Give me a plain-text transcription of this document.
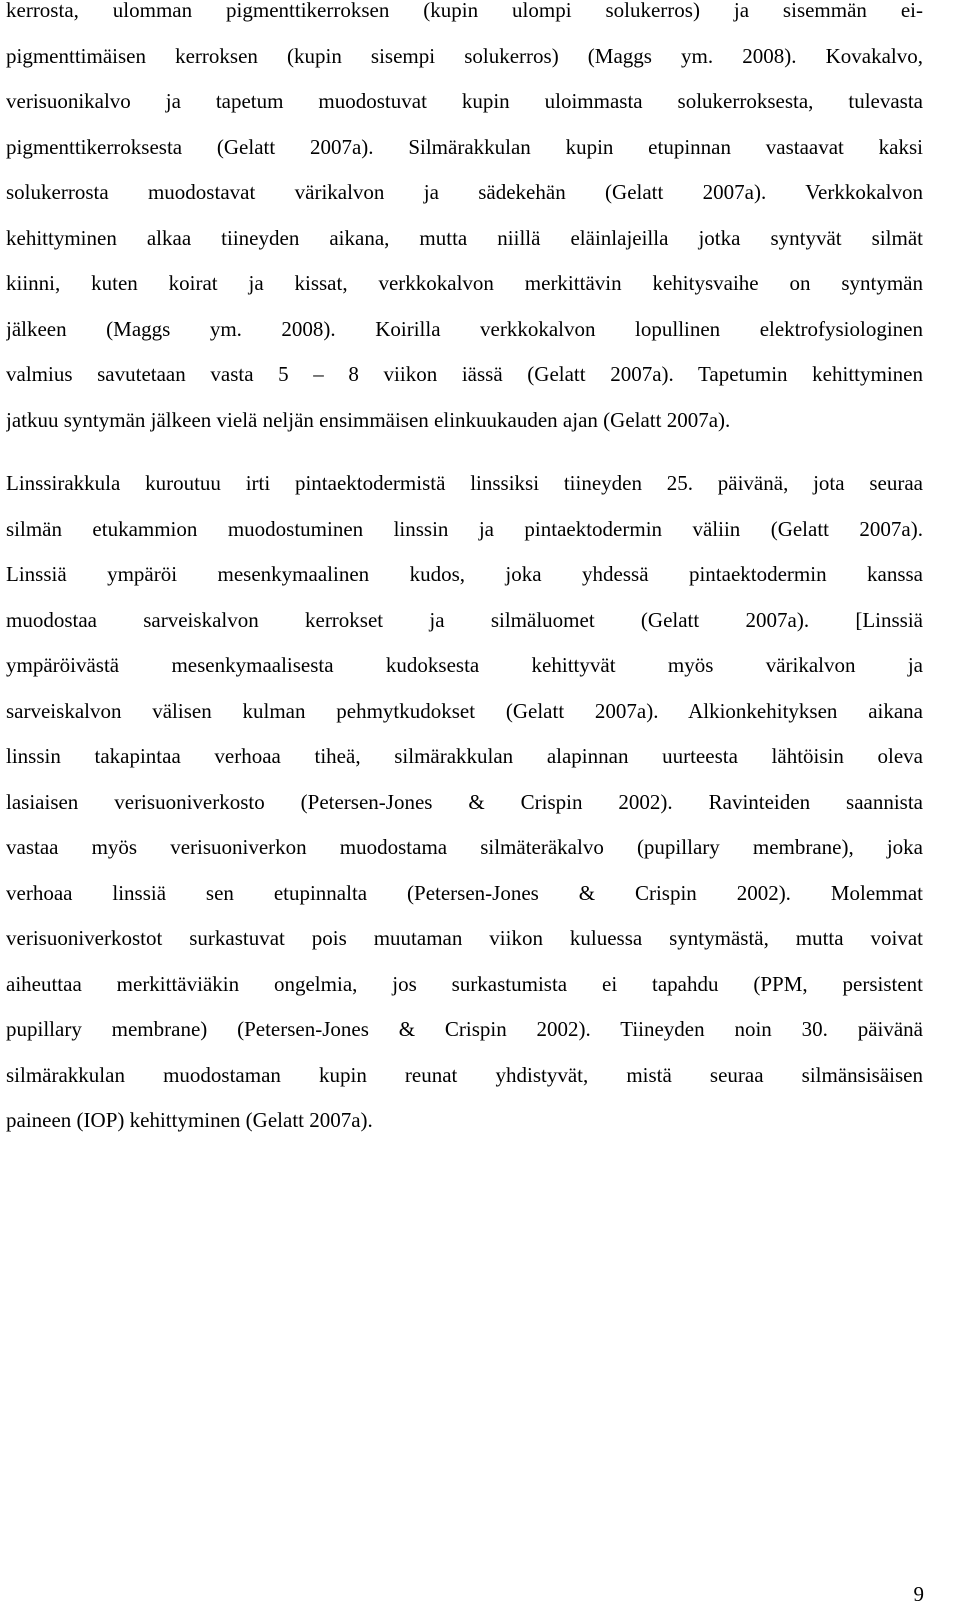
kerrosta, ulomman pigmenttikerroksen (kupin ulompi solukerros) ja sisemmän ei-
pigmenttimäisen kerroksen (kupin sisempi solukerros) (Maggs ym. 2008). Kovakalvo,
verisuonikalvo ja tapetum muodostuvat kupin uloimmasta solukerroksesta, tulevasta
pigmenttikerroksesta (Gelatt 2007a). Silmärakkulan kupin etupinnan vastaavat kaksi
solukerrosta muodostavat värikalvon ja sädekehän (Gelatt 2007a). Verkkokalvon
kehittyminen alkaa tiineyden aikana, mutta niillä eläinlajeilla jotka syntyvät silmät
kiinni, kuten koirat ja kissat, verkkokalvon merkittävin kehitysvaihe on syntymän
jälkeen (Maggs ym. 2008). Koirilla verkkokalvon lopullinen elektrofysiologinen
valmius savutetaan vasta 5 – 8 viikon iässä (Gelatt 2007a). Tapetumin kehittyminen
jatkuu syntymän jälkeen vielä neljän ensimmäisen elinkuukauden ajan (Gelatt 2007a).

Linssirakkula kuroutuu irti pintaektodermistä linssiksi tiineyden 25. päivänä, jota seuraa
silmän etukammion muodostuminen linssin ja pintaektodermin väliin (Gelatt 2007a).
Linssiä ympäröi mesenkymaalinen kudos, joka yhdessä pintaektodermin kanssa
muodostaa sarveiskalvon kerrokset ja silmäluomet (Gelatt 2007a). [Linssiä
ympäröivästä mesenkymaalisesta kudoksesta kehittyvät myös värikalvon ja
sarveiskalvon välisen kulman pehmytkudokset (Gelatt 2007a). Alkionkehityksen aikana
linssin takapintaa verhoaa tiheä, silmärakkulan alapinnan uurteesta lähtöisin oleva
lasiaisen verisuoniverkosto (Petersen-Jones & Crispin 2002). Ravinteiden saannista
vastaa myös verisuoniverkon muodostama silmäteräkalvo (pupillary membrane), joka
verhoaa linssiä sen etupinnalta (Petersen-Jones & Crispin 2002). Molemmat
verisuoniverkostot surkastuvat pois muutaman viikon kuluessa syntymästä, mutta voivat
aiheuttaa merkittäviäkin ongelmia, jos surkastumista ei tapahdu (PPM, persistent
pupillary membrane) (Petersen-Jones & Crispin 2002). Tiineyden noin 30. päivänä
silmärakkulan muodostaman kupin reunat yhdistyvät, mistä seuraa silmänsisäisen
paineen (IOP) kehittyminen (Gelatt 2007a).

9
